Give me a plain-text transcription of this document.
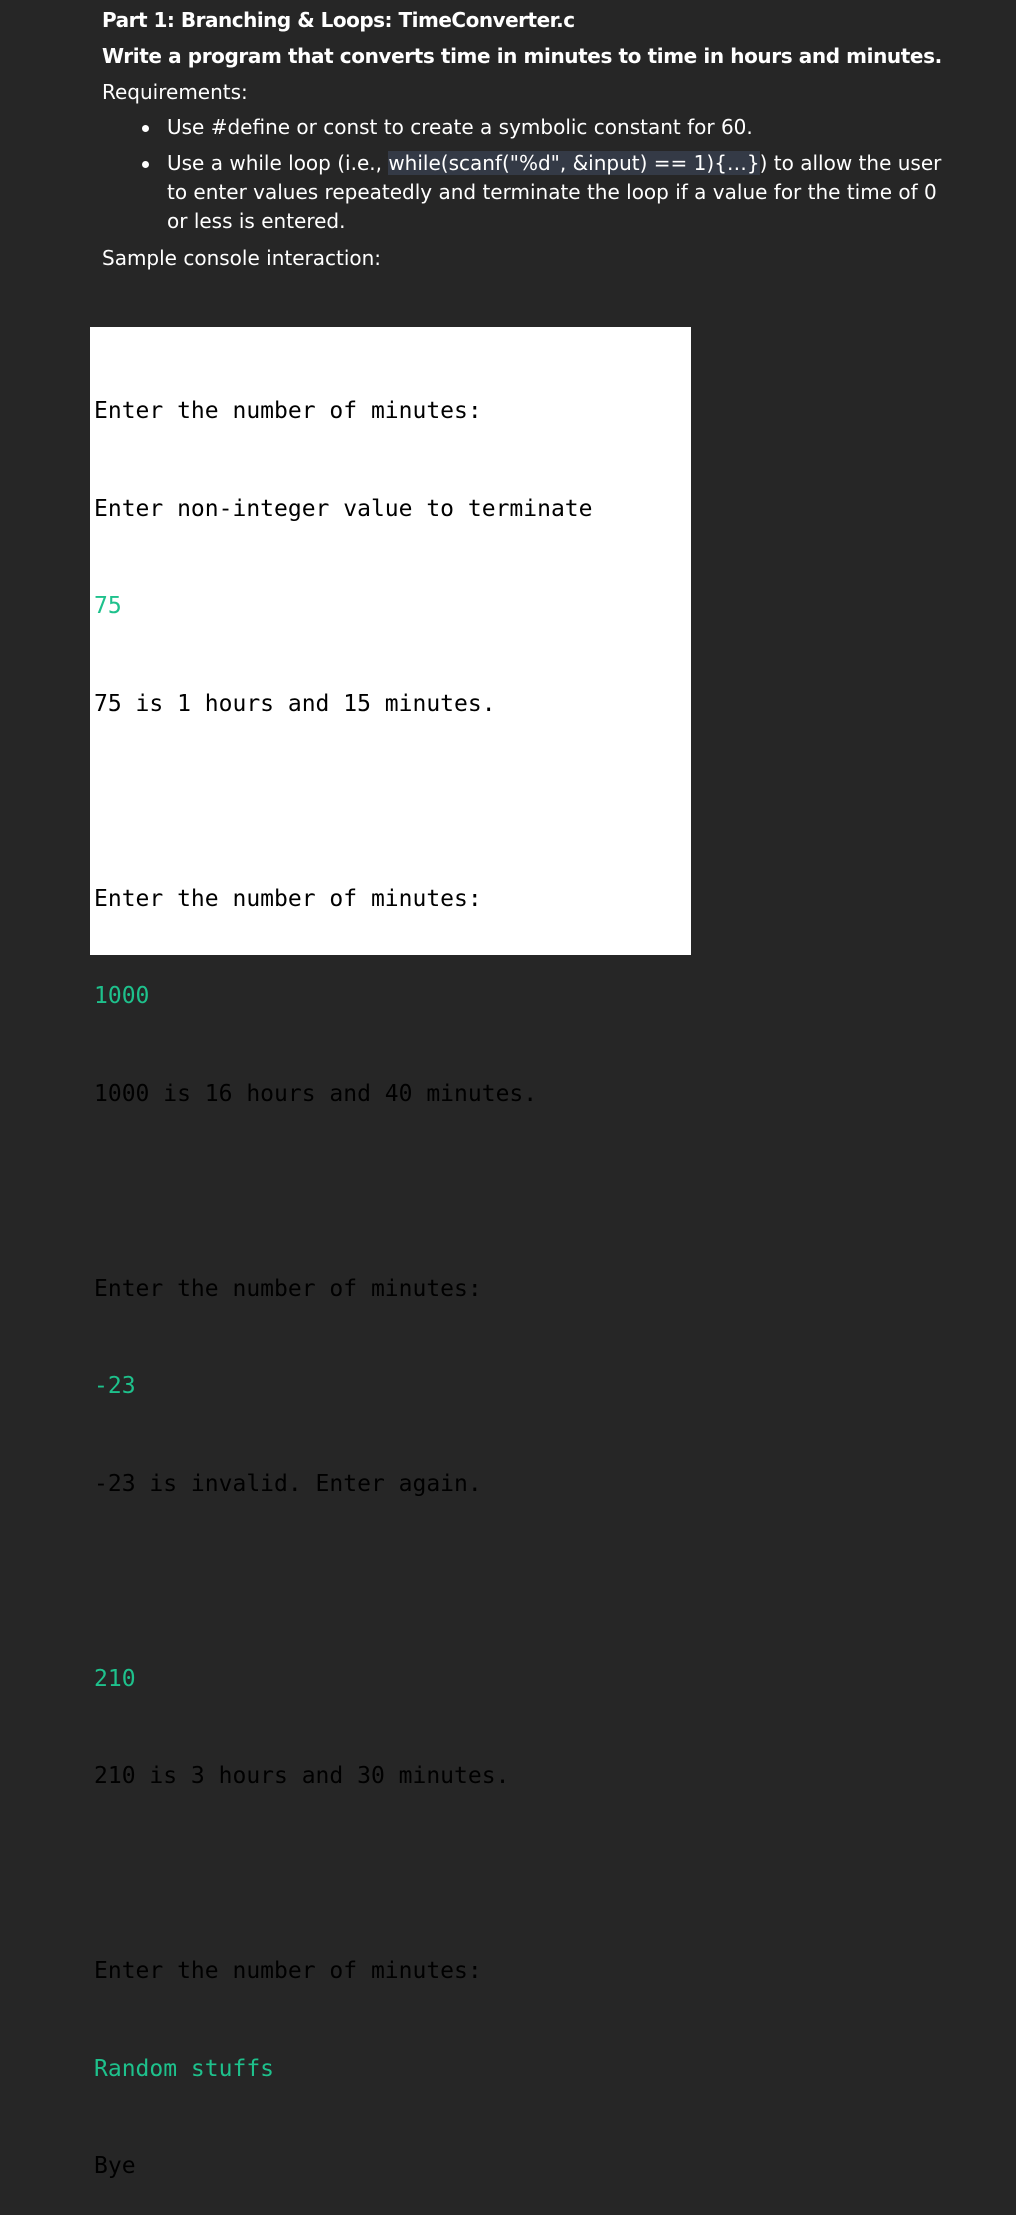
Part 1: Branching & Loops: TimeConverter.c
Write a program that converts time in minutes to time in hours and minutes.
Requirements:
Use #define or const to create a symbolic constant for 60.
Use a while loop (i.e., while(scanf("%d", &input) == 1){…}) to allow the user to enter values repeatedly and terminate the loop if a value for the time of 0 or less is entered.
Sample console interaction:

Enter the number of minutes:

Enter non-integer value to terminate

75

75 is 1 hours and 15 minutes.

Enter the number of minutes:

1000

1000 is 16 hours and 40 minutes.

Enter the number of minutes:

-23

-23 is invalid. Enter again.

210

210 is 3 hours and 30 minutes.

Enter the number of minutes:

Random stuffs

Bye
